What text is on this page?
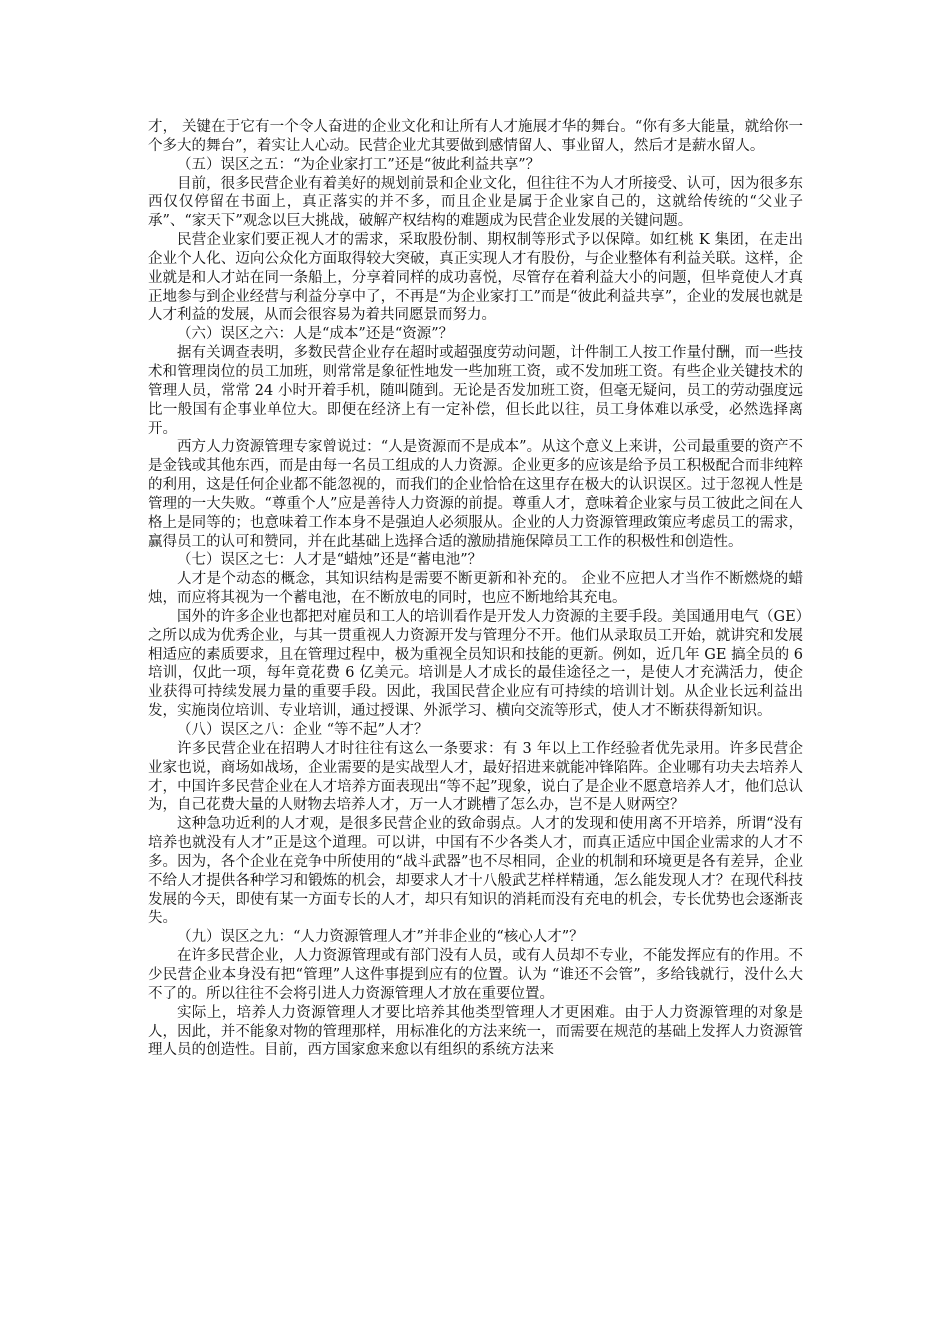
才， 关键在于它有一个令人奋进的企业文化和让所有人才施展才华的舞台。“你有多大能量，就给你一个多大的舞台”，着实让人心动。民营企业尤其要做到感情留人、事业留人，然后才是薪水留人。

（五）误区之五：“为企业家打工”还是“彼此利益共享”？

目前，很多民营企业有着美好的规划前景和企业文化，但往往不为人才所接受、认可，因为很多东西仅仅停留在书面上，真正落实的并不多，而且企业是属于企业家自己的，这就给传统的“父业子承”、“家天下”观念以巨大挑战，破解产权结构的难题成为民营企业发展的关键问题。

民营企业家们要正视人才的需求，采取股份制、期权制等形式予以保障。如红桃 K 集团，在走出企业个人化、迈向公众化方面取得较大突破，真正实现人才有股份，与企业整体有利益关联。这样，企业就是和人才站在同一条船上，分享着同样的成功喜悦，尽管存在着利益大小的问题，但毕竟使人才真正地参与到企业经营与利益分享中了，不再是“为企业家打工”而是“彼此利益共享”，企业的发展也就是人才利益的发展，从而会很容易为着共同愿景而努力。

（六）误区之六：人是“成本”还是“资源”？

据有关调查表明，多数民营企业存在超时或超强度劳动问题，计件制工人按工作量付酬，而一些技术和管理岗位的员工加班，则常常是象征性地发一些加班工资，或不发加班工资。有些企业关键技术的管理人员，常常 24 小时开着手机，随叫随到。无论是否发加班工资，但毫无疑问，员工的劳动强度远比一般国有企事业单位大。即便在经济上有一定补偿，但长此以往，员工身体难以承受，必然选择离开。

西方人力资源管理专家曾说过：“人是资源而不是成本”。从这个意义上来讲，公司最重要的资产不是金钱或其他东西，而是由每一名员工组成的人力资源。企业更多的应该是给予员工积极配合而非纯粹的利用，这是任何企业都不能忽视的，而我们的企业恰恰在这里存在极大的认识误区。过于忽视人性是管理的一大失败。“尊重个人”应是善待人力资源的前提。尊重人才，意味着企业家与员工彼此之间在人格上是同等的；也意味着工作本身不是强迫人必须服从。企业的人力资源管理政策应考虑员工的需求，赢得员工的认可和赞同，并在此基础上选择合适的激励措施保障员工工作的积极性和创造性。

（七）误区之七：人才是“蜡烛”还是“蓄电池”？

人才是个动态的概念，其知识结构是需要不断更新和补充的。 企业不应把人才当作不断燃烧的蜡烛，而应将其视为一个蓄电池，在不断放电的同时，也应不断地给其充电。

国外的许多企业也都把对雇员和工人的培训看作是开发人力资源的主要手段。美国通用电气（GE）之所以成为优秀企业，与其一贯重视人力资源开发与管理分不开。他们从录取员工开始，就讲究和发展相适应的素质要求，且在管理过程中，极为重视全员知识和技能的更新。例如，近几年 GE 搞全员的 6 培训，仅此一项，每年竟花费 6 亿美元。培训是人才成长的最佳途径之一，是使人才充满活力，使企业获得可持续发展力量的重要手段。因此，我国民营企业应有可持续的培训计划。从企业长远利益出发，实施岗位培训、专业培训，通过授课、外派学习、横向交流等形式，使人才不断获得新知识。

（八）误区之八：企业 “等不起”人才？

许多民营企业在招聘人才时往往有这么一条要求：有 3 年以上工作经验者优先录用。许多民营企业家也说，商场如战场，企业需要的是实战型人才，最好招进来就能冲锋陷阵。企业哪有功夫去培养人才，中国许多民营企业在人才培养方面表现出“等不起”现象，说白了是企业不愿意培养人才，他们总认为，自己花费大量的人财物去培养人才，万一人才跳槽了怎么办，岂不是人财两空？

这种急功近利的人才观，是很多民营企业的致命弱点。人才的发现和使用离不开培养，所谓“没有培养也就没有人才”正是这个道理。可以讲，中国有不少各类人才，而真正适应中国企业需求的人才不多。因为，各个企业在竞争中所使用的“战斗武器”也不尽相同，企业的机制和环境更是各有差异，企业不给人才提供各种学习和锻炼的机会，却要求人才十八般武艺样样精通，怎么能发现人才？在现代科技发展的今天，即使有某一方面专长的人才，却只有知识的消耗而没有充电的机会，专长优势也会逐渐丧失。

（九）误区之九：“人力资源管理人才”并非企业的“核心人才”？

在许多民营企业，人力资源管理或有部门没有人员，或有人员却不专业，不能发挥应有的作用。不少民营企业本身没有把“管理”人这件事提到应有的位置。认为 “谁还不会管”，多给钱就行，没什么大不了的。所以往往不会将引进人力资源管理人才放在重要位置。

实际上，培养人力资源管理人才要比培养其他类型管理人才更困难。由于人力资源管理的对象是人，因此，并不能象对物的管理那样，用标准化的方法来统一，而需要在规范的基础上发挥人力资源管理人员的创造性。目前，西方国家愈来愈以有组织的系统方法来
